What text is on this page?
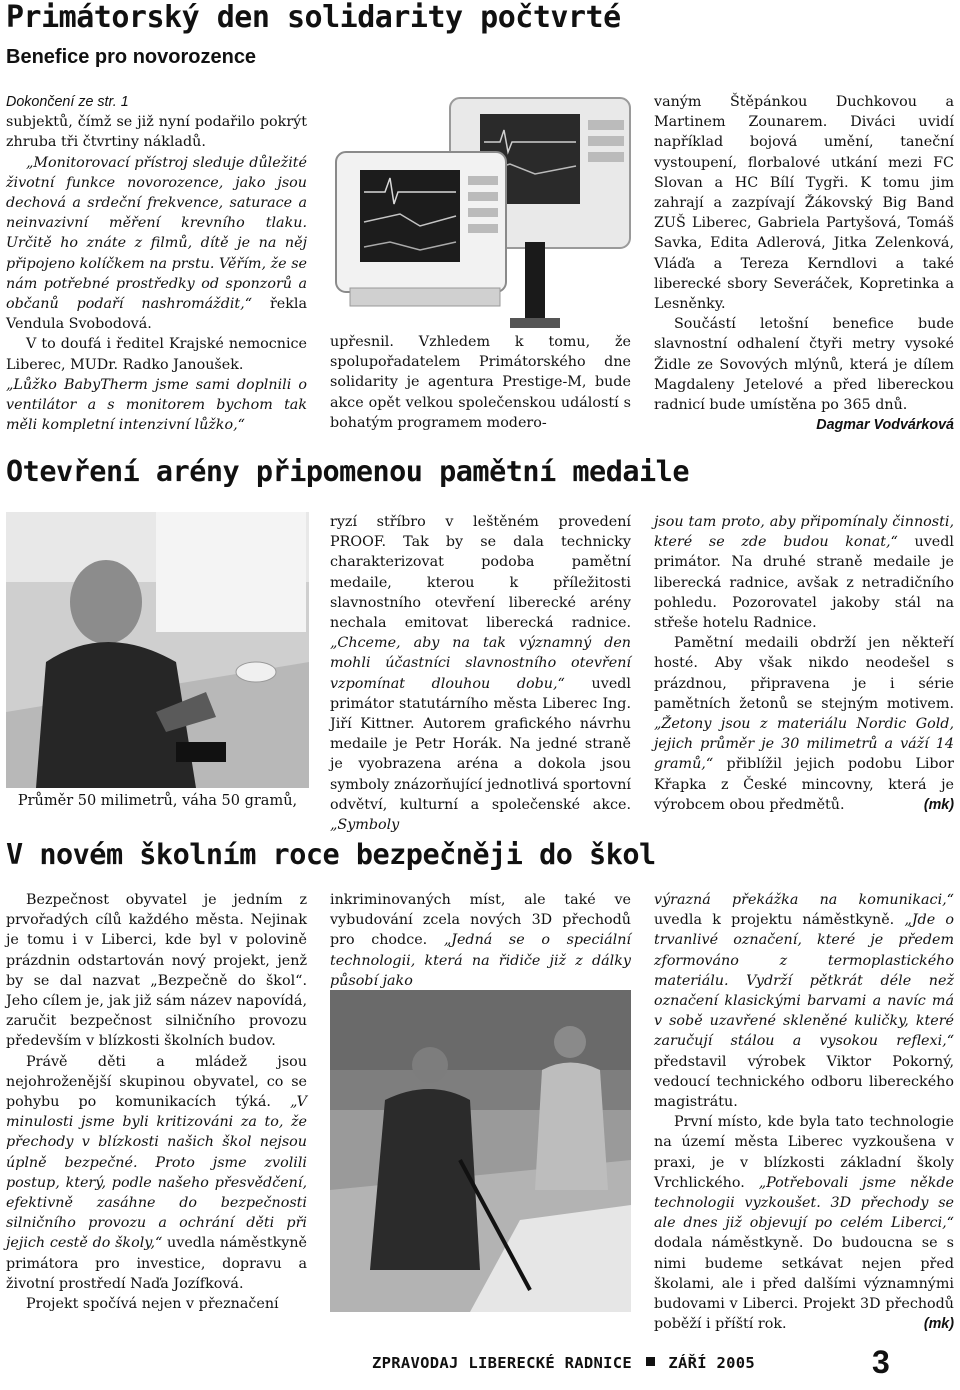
Primátorský den solidarity počtvrté
Benefice pro novorozence

Dokončení ze str. 1

subjektů, čímž se již nyní podařilo pokrýt zhruba tři čtvrtiny nákladů.

„Monitorovací přístroj sleduje důležité životní funkce novorozence, jako jsou dechová a srdeční frekvence, saturace a neinvazivní měření krevního tlaku. Určitě ho znáte z filmů, dítě je na něj připojeno kolíčkem na prstu. Věřím, že se nám potřebné prostředky od sponzorů a občanů podaří nashromáždit,“ řekla Vendula Svobodová.

V to doufá i ředitel Krajské nemocnice Liberec, MUDr. Radko Janoušek.

„Lůžko BabyTherm jsme sami doplnili o ventilátor a s monitorem bychom tak měli kompletní intenzivní lůžko,“

upřesnil. Vzhledem k tomu, že spolupořadatelem Primátorského dne solidarity je agentura Prestige-M, bude akce opět velkou společenskou událostí s bohatým programem modero-

vaným Štěpánkou Duchkovou a Martinem Zounarem. Diváci uvidí například bojová umění, taneční vystoupení, florbalové utkání mezi FC Slovan a HC Bílí Tygři. K tomu jim zahrají a zazpívají Žákovský Big Band ZUŠ Liberec, Gabriela Partyšová, Tomáš Savka, Edita Adlerová, Jitka Zelenková, Vláďa a Tereza Kerndlovi a také liberecké sbory Severáček, Kopretinka a Lesněnky.

Součástí letošní benefice bude slavnostní odhalení čtyři metry vysoké Židle ze Sovových mlýnů, která je dílem Magdaleny Jetelové a před libereckou radnicí bude umístěna po 365 dnů.
Dagmar Vodvárková

Otevření arény připomenou pamětní medaile
Průměr 50 milimetrů, váha 50 gramů,

ryzí stříbro v leštěném provedení PROOF. Tak by se dala technicky charakterizovat podoba pamětní medaile, kterou k příležitosti slavnostního otevření liberecké arény nechala emitovat liberecká radnice. „Chceme, aby na tak významný den mohli účastníci slavnostního otevření vzpomínat dlouhou dobu,“ uvedl primátor statutárního města Liberec Ing. Jiří Kittner. Autorem grafického návrhu medaile je Petr Horák. Na jedné straně je vyobrazena aréna a dokola jsou symboly znázorňující jednotlivá sportovní odvětví, kulturní a společenské akce. „Symboly

jsou tam proto, aby připomínaly činnosti, které se zde budou konat,“ uvedl primátor. Na druhé straně medaile je liberecká radnice, avšak z netradičního pohledu. Pozorovatel jakoby stál na střeše hotelu Radnice.

Pamětní medaili obdrží jen někteří hosté. Aby však nikdo neodešel s prázdnou, připravena je i série pamětních žetonů se stejným motivem. „Žetony jsou z materiálu Nordic Gold, jejich průměr je 30 milimetrů a váží 14 gramů,“ přiblížil jejich podobu Libor Křapka z České mincovny, která je výrobcem obou předmětů.	(mk)

V novém školním roce bezpečněji do škol

Bezpečnost obyvatel je jedním z prvořadých cílů každého města. Nejinak je tomu i v Liberci, kde byl v polovině prázdnin odstartován nový projekt, jenž by se dal nazvat „Bezpečně do škol“. Jeho cílem je, jak již sám název napovídá, zaručit bezpečnost silničního provozu především v blízkosti školních budov.

Právě děti a mládež jsou nejohroženější skupinou obyvatel, co se pohybu po komunikacích týká. „V minulosti jsme byli kritizováni za to, že přechody v blízkosti našich škol nejsou úplně bezpečné. Proto jsme zvolili postup, který, podle našeho přesvědčení, efektivně zasáhne do bezpečnosti silničního provozu a ochrání děti při jejich cestě do školy,“ uvedla náměstkyně primátora pro investice, dopravu a životní prostředí Naďa Jozífková.

Projekt spočívá nejen v přeznačení

inkriminovaných míst, ale také ve vybudování zcela nových 3D přechodů pro chodce. „Jedná se o speciální technologii, která na řidiče již z dálky působí jako

výrazná překážka na komunikaci,“ uvedla k projektu náměstkyně. „Jde o trvanlivé označení, které je předem zformováno z termoplastického materiálu. Vydrží pětkrát déle než označení klasickými barvami a navíc má v sobě uzavřené skleněné kuličky, které zaručují stálou a vysokou reflexi,“ představil výrobek Viktor Pokorný, vedoucí technického odboru libereckého magistrátu.

První místo, kde byla tato technologie na území města Liberec vyzkoušena v praxi, je v blízkosti základní školy Vrchlického. „Potřebovali jsme někde technologii vyzkoušet. 3D přechody se ale dnes již objevují po celém Liberci,“ dodala náměstkyně. Do budoucna se s nimi budeme setkávat nejen před školami, ale i před dalšími významnými budovami v Liberci. Projekt 3D přechodů poběží i příští rok.	(mk)

ZPRAVODAJ LIBERECKÉ RADNICE ZÁŘÍ 2005	3
